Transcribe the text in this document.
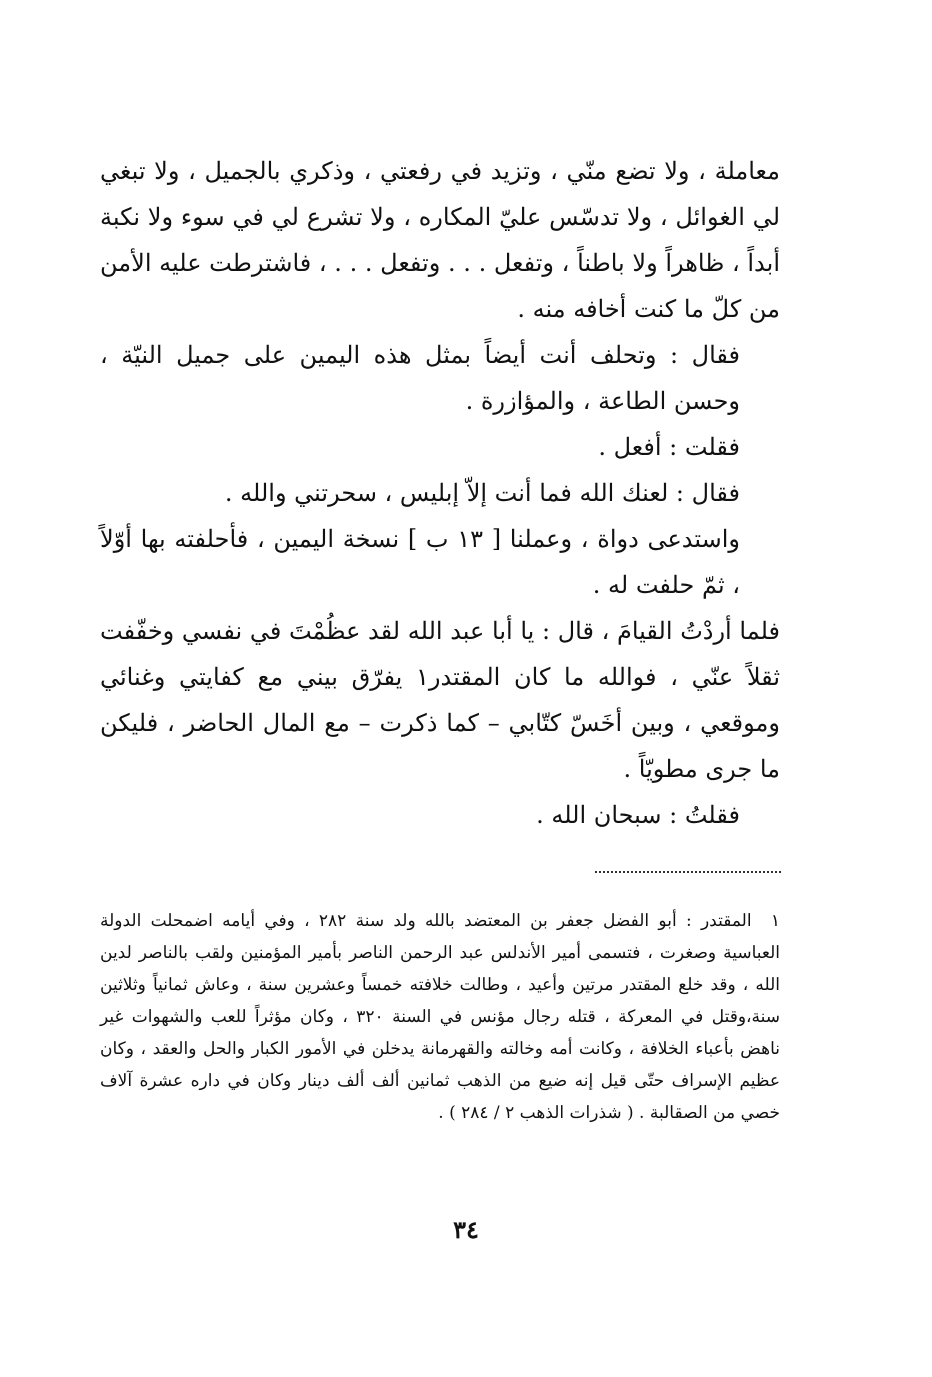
معاملة ، ولا تضع منّي ، وتزيد في رفعتي ، وذكري بالجميل ، ولا تبغي لي الغوائل ، ولا تدسّس عليّ المكاره ، ولا تشرع لي في سوء ولا نكبة أبداً ، ظاهراً ولا باطناً ، وتفعل . . . وتفعل . . . ، فاشترطت عليه الأمن من كلّ ما كنت أخافه منه .

فقال : وتحلف أنت أيضاً بمثل هذه اليمين على جميل النيّة ، وحسن الطاعة ، والمؤازرة .

فقلت : أفعل .

فقال : لعنك الله فما أنت إلاّ إبليس ، سحرتني والله .

واستدعى دواة ، وعملنا [ ١٣ ب ] نسخة اليمين ، فأحلفته بها أوّلاً ، ثمّ حلفت له .

فلما أردْتُ القيامَ ، قال : يا أبا عبد الله لقد عظُمْتَ في نفسي وخفّفت ثقلاً عنّي ، فوالله ما كان المقتدر١ يفرّق بيني مع كفايتي وغنائي وموقعي ، وبين أخَسّ كتّابي – كما ذكرت – مع المال الحاضر ، فليكن ما جرى مطويّاً .

فقلتُ : سبحان الله .

١ المقتدر : أبو الفضل جعفر بن المعتضد بالله ولد سنة ٢٨٢ ، وفي أيامه اضمحلت الدولة العباسية وصغرت ، فتسمى أمير الأندلس عبد الرحمن الناصر بأمير المؤمنين ولقب بالناصر لدين الله ، وقد خلع المقتدر مرتين وأعيد ، وطالت خلافته خمساً وعشرين سنة ، وعاش ثمانياً وثلاثين سنة،وقتل في المعركة ، قتله رجال مؤنس في السنة ٣٢٠ ، وكان مؤثراً للعب والشهوات غير ناهض بأعباء الخلافة ، وكانت أمه وخالته والقهرمانة يدخلن في الأمور الكبار والحل والعقد ، وكان عظيم الإسراف حتّى قيل إنه ضيع من الذهب ثمانين ألف ألف دينار وكان في داره عشرة آلاف خصي من الصقالبة . ( شذرات الذهب ٢ / ٢٨٤ ) .

٣٤
